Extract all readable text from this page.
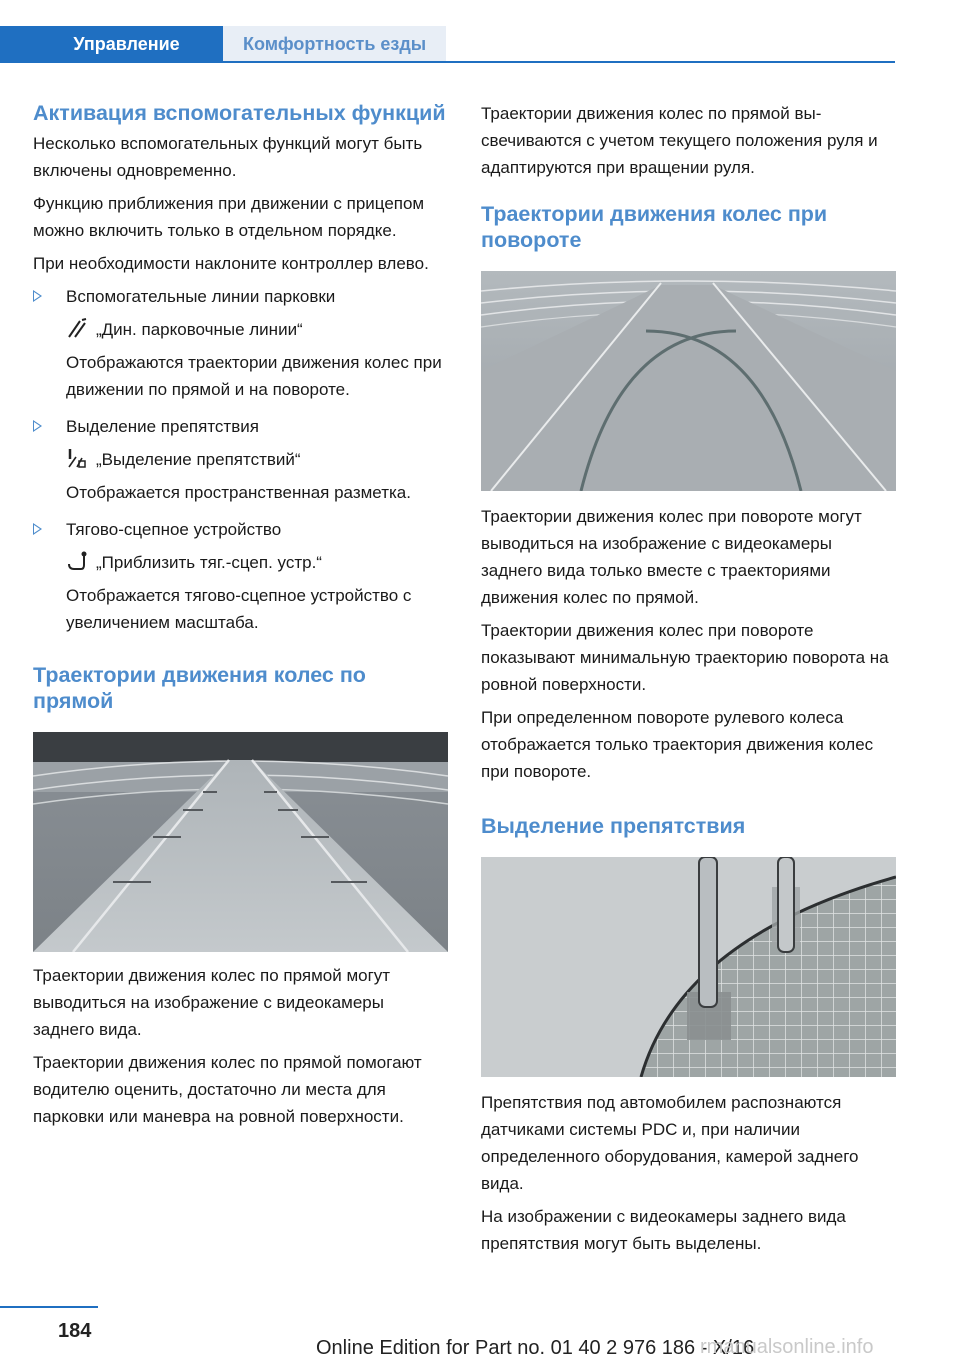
Управление	Комфортность езды
Активация вспомогательных функций

Несколько вспомогательных функций могут быть включены одновременно.

Функцию приближения при движении с прицепом можно включить только в отдельном порядке.

При необходимости наклоните контроллер влево.

Вспомогательные линии парковки

„Дин. парковочные линии“

Отображаются траектории движения колес при движении по прямой и на повороте.

Выделение препятствия

„Выделение препятствий“

Отображается пространственная разметка.

Тягово-сцепное устройство

„Приблизить тяг.-сцеп. устр.“

Отображается тягово-сцепное устройство с увеличением масштаба.

Траектории движения колес по прямой

Траектории движения колес по прямой могут выводиться на изображение с видеокамеры заднего вида.

Траектории движения колес по прямой помогают водителю оценить, достаточно ли места для парковки или маневра на ровной поверхности.

Траектории движения колес по прямой высвечиваются с учетом текущего положения руля и адаптируются при вращении руля.

Траектории движения колес при повороте

Траектории движения колес при повороте могут выводиться на изображение с видеокамеры заднего вида только вместе с траекториями движения колес по прямой.

Траектории движения колес при повороте показывают минимальную траекторию поворота на ровной поверхности.

При определенном повороте рулевого колеса отображается только траектория движения колес при повороте.

Выделение препятствия

Препятствия под автомобилем распознаются датчиками системы PDC и, при наличии определенного оборудования, камерой заднего вида.

На изображении с видеокамеры заднего вида препятствия могут быть выделены.

184
Online Edition for Part no. 01 40 2 976 186 - X/16
rmanualsonline.info
